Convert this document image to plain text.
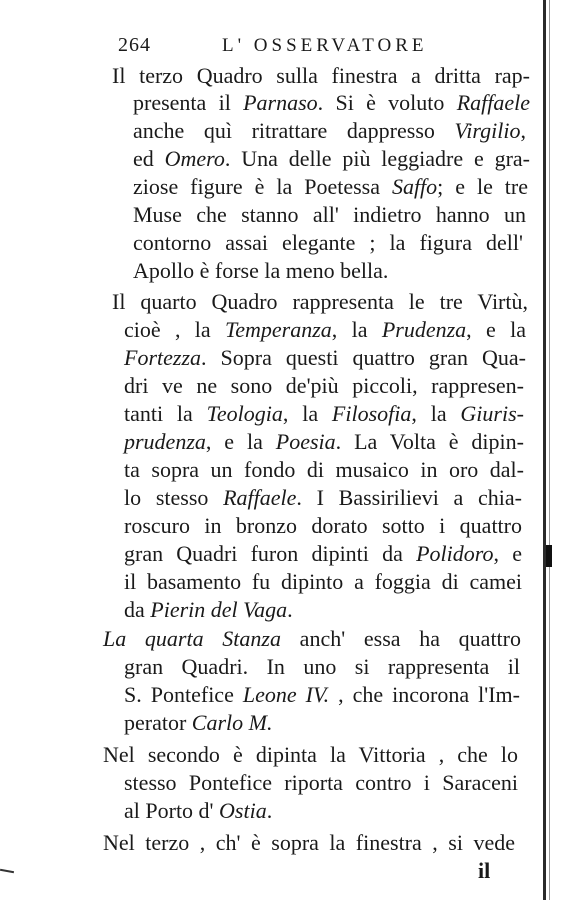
264	L' OSSERVATORE
Il terzo Quadro sulla finestra a dritta rap-
presenta il Parnaso. Si è voluto Raffaele
anche quì ritrattare dappresso Virgilio,
ed Omero. Una delle più leggiadre e gra-
ziose figure è la Poetessa Saffo; e le tre
Muse che stanno all' indietro hanno un
contorno assai elegante ; la figura dell'
Apollo è forse la meno bella.
Il quarto Quadro rappresenta le tre Virtù,
cioè , la Temperanza, la Prudenza, e la
Fortezza. Sopra questi quattro gran Qua-
dri ve ne sono de'più piccoli, rappresen-
tanti la Teologia, la Filosofia, la Giuris-
prudenza, e la Poesia. La Volta è dipin-
ta sopra un fondo di musaico in oro dal-
lo stesso Raffaele. I Bassirilievi a chia-
roscuro in bronzo dorato sotto i quattro
gran Quadri furon dipinti da Polidoro, e
il basamento fu dipinto a foggia di camei
da Pierin del Vaga.
La quarta Stanza anch' essa ha quattro
gran Quadri. In uno si rappresenta il
S. Pontefice Leone IV. , che incorona l'Im-
perator Carlo M.
Nel secondo è dipinta la Vittoria , che lo
stesso Pontefice riporta contro i Saraceni
al Porto d' Ostia.
Nel terzo , ch' è sopra la finestra , si vede
il
